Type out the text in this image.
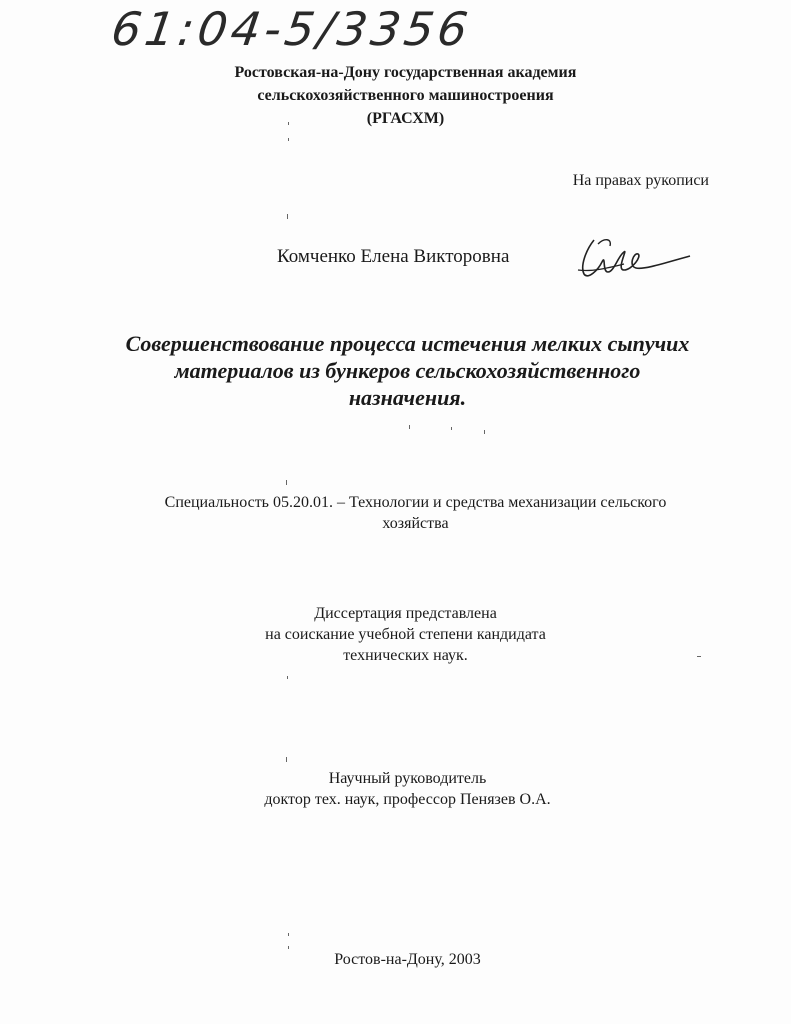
61:04-5/3356
Ростовская-на-Дону государственная академия
сельскохозяйственного машиностроения
(РГАСХМ)
На правах рукописи
Комченко Елена Викторовна
Совершенствование процесса истечения мелких сыпучих
материалов из бункеров сельскохозяйственного
назначения.
Специальность 05.20.01. – Технологии и средства механизации сельского
хозяйства
Диссертация представлена
на соискание учебной степени кандидата
технических наук.
Научный руководитель
доктор тех. наук, профессор Пенязев О.А.
Ростов-на-Дону, 2003
